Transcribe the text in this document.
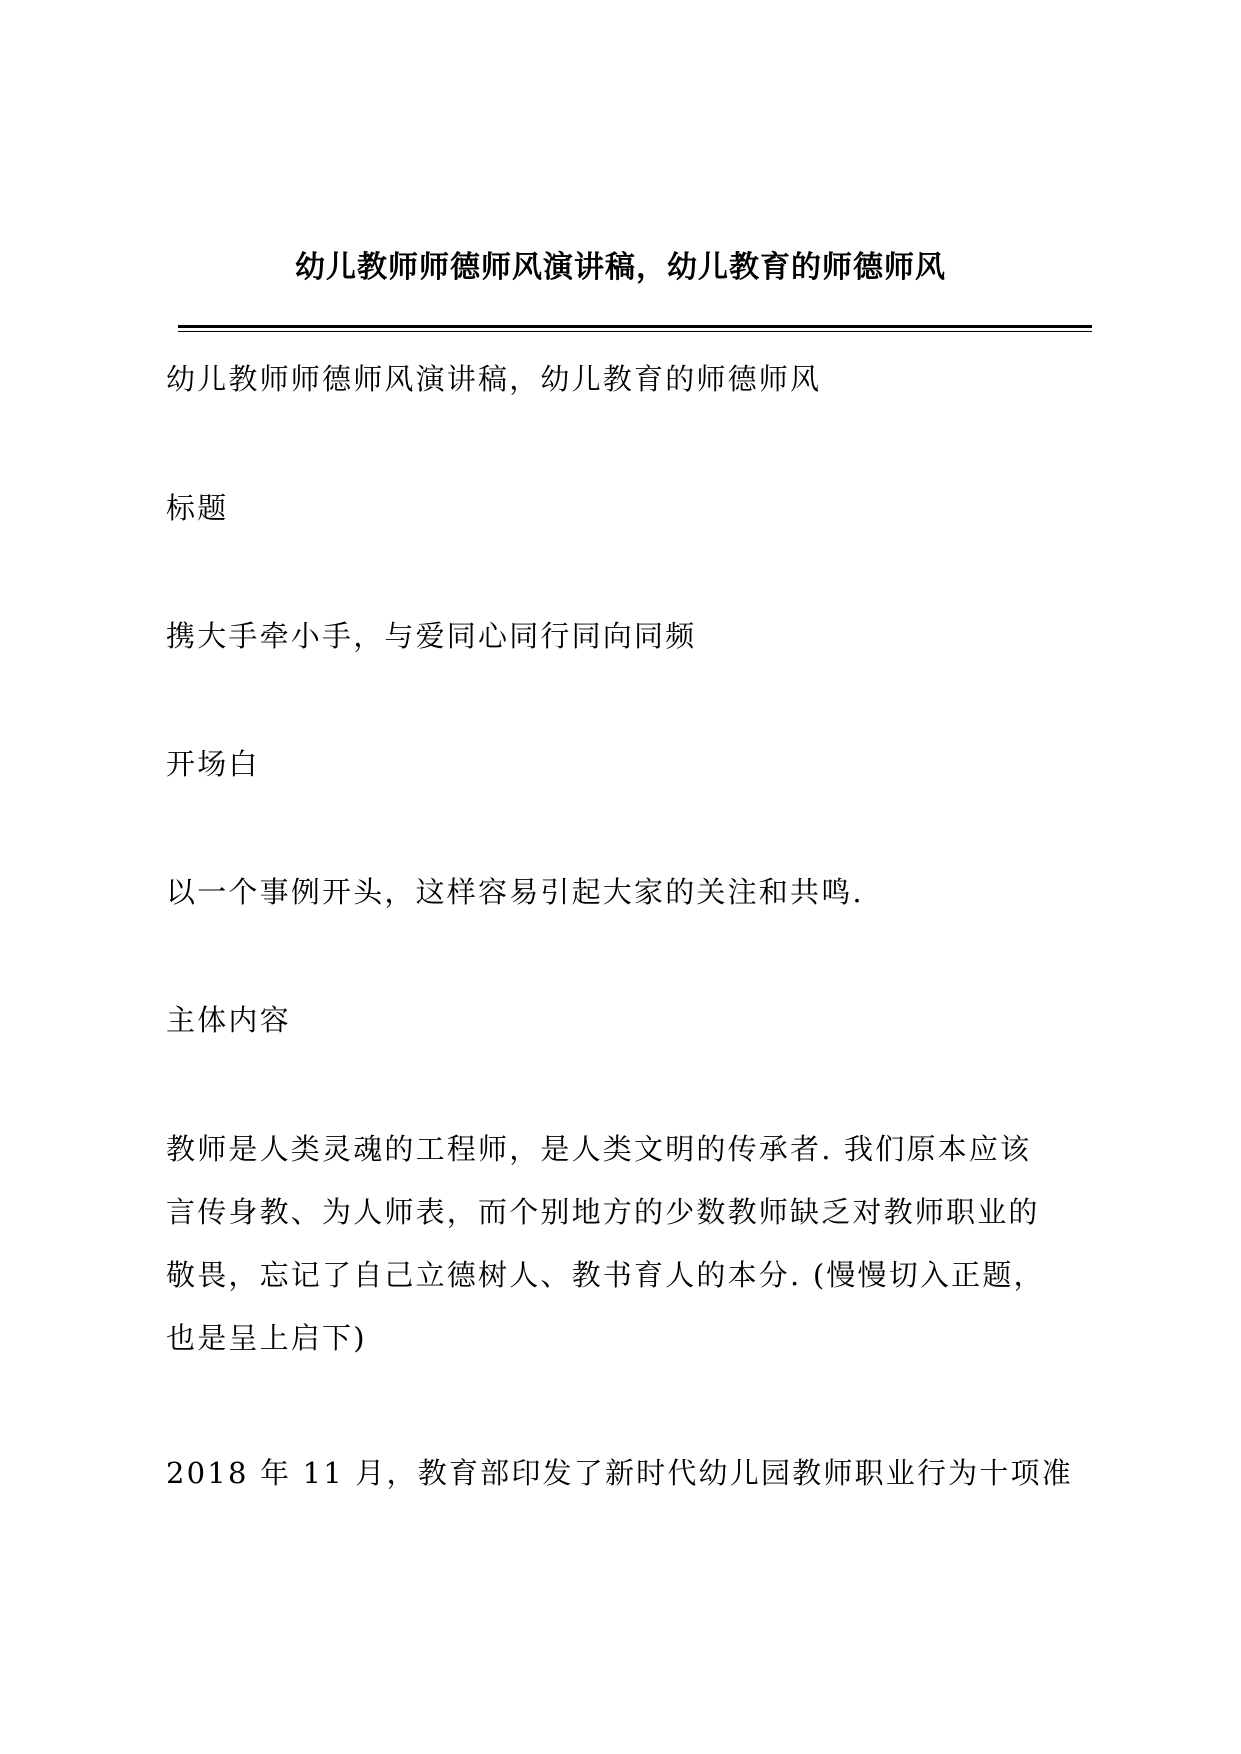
幼儿教师师德师风演讲稿，幼儿教育的师德师风
幼儿教师师德师风演讲稿，幼儿教育的师德师风
标题
携大手牵小手，与爱同心同行同向同频
开场白
以一个事例开头，这样容易引起大家的关注和共鸣.
主体内容
教师是人类灵魂的工程师，是人类文明的传承者. 我们原本应该
言传身教、为人师表，而个别地方的少数教师缺乏对教师职业的
敬畏，忘记了自己立德树人、教书育人的本分. (慢慢切入正题，
也是呈上启下)
2018 年 11 月，教育部印发了新时代幼儿园教师职业行为十项准
